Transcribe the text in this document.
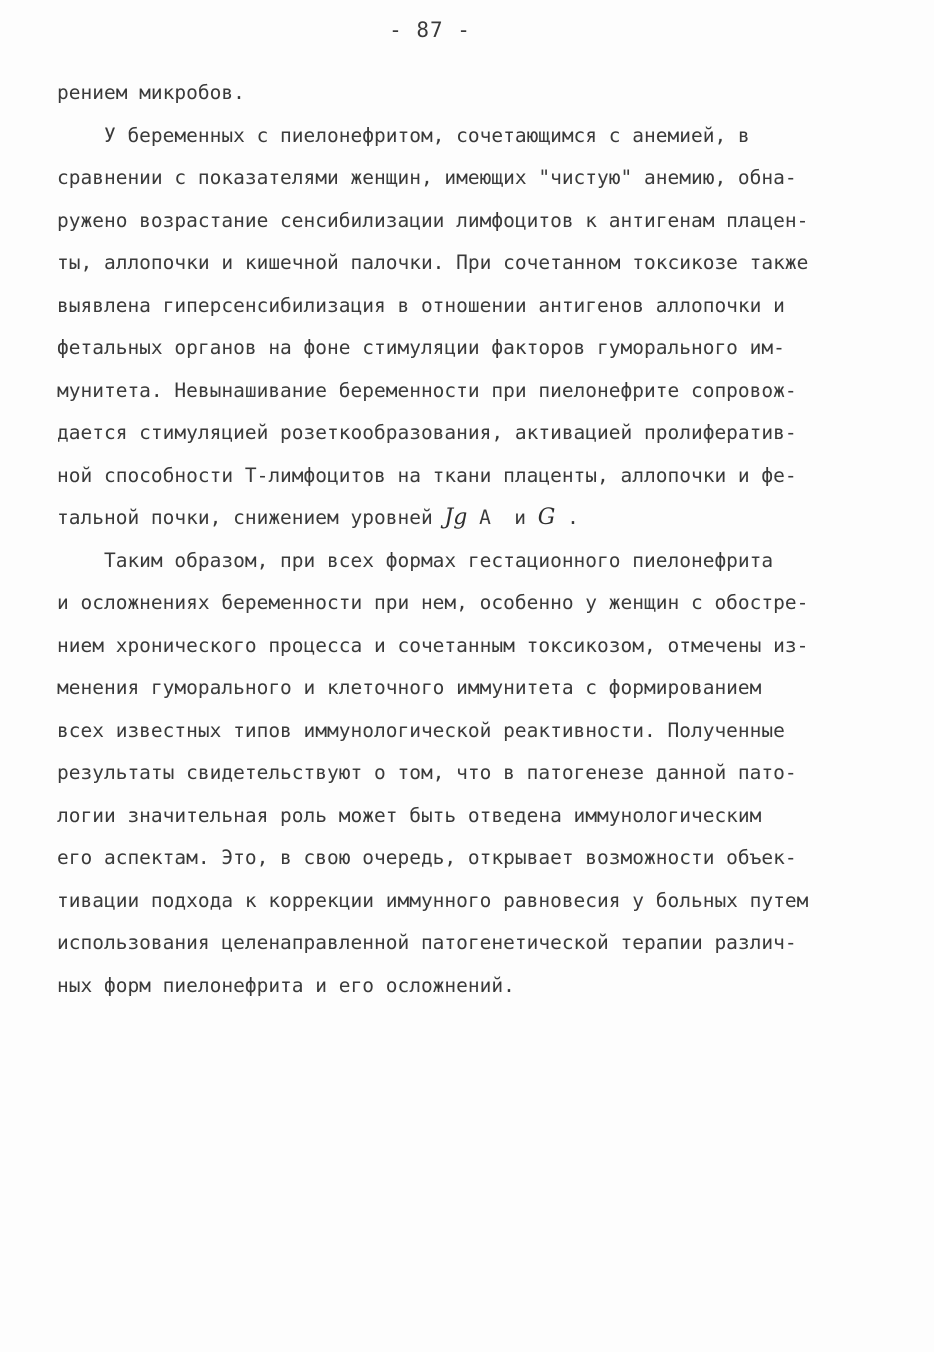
- 87 -
рением микробов.
У беременных с пиелонефритом, сочетающимся с анемией, в
сравнении с показателями женщин, имеющих "чистую" анемию, обна-
ружено возрастание сенсибилизации лимфоцитов к антигенам плацен-
ты, аллопочки и кишечной палочки. При сочетанном токсикозе также
выявлена гиперсенсибилизация в отношении антигенов аллопочки и
фетальных органов на фоне стимуляции факторов гуморального им-
мунитета. Невынашивание беременности при пиелонефрите сопровож-
дается стимуляцией розеткообразования, активацией пролифератив-
ной способности Т-лимфоцитов на ткани плаценты, аллопочки и фе-
тальной почки, снижением уровней Jg А  и G .
Таким образом, при всех формах гестационного пиелонефрита
и осложнениях беременности при нем, особенно у женщин с обостре-
нием хронического процесса и сочетанным токсикозом, отмечены из-
менения гуморального и клеточного иммунитета с формированием
всех известных типов иммунологической реактивности. Полученные
результаты свидетельствуют о том, что в патогенезе данной пато-
логии значительная роль может быть отведена иммунологическим
его аспектам. Это, в свою очередь, открывает возможности объек-
тивации подхода к коррекции иммунного равновесия у больных путем
использования целенаправленной патогенетической терапии различ-
ных форм пиелонефрита и его осложнений.
